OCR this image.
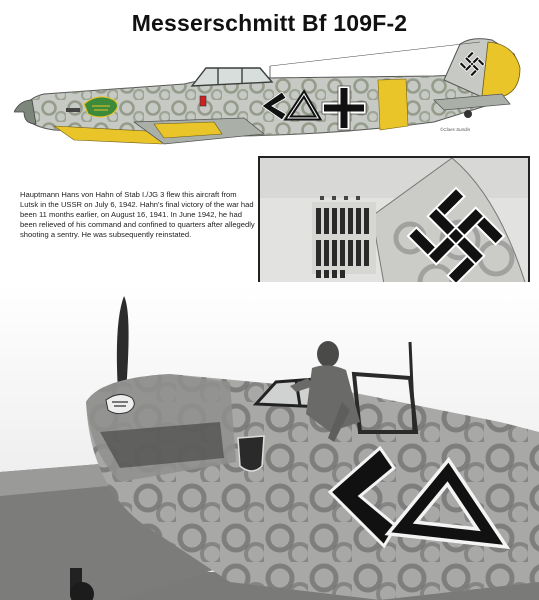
Messerschmitt Bf 109F-2
©Claes Sundin
Hauptmann Hans von Hahn of Stab I./JG 3 flew this aircraft from Lutsk in the USSR on July 6, 1942. Hahn's final victory of the war had been 11 months earlier, on August 16, 1941. In June 1942, he had been relieved of his command and confined to quarters after allegedly shooting a sentry. He was subsequently reinstated.
